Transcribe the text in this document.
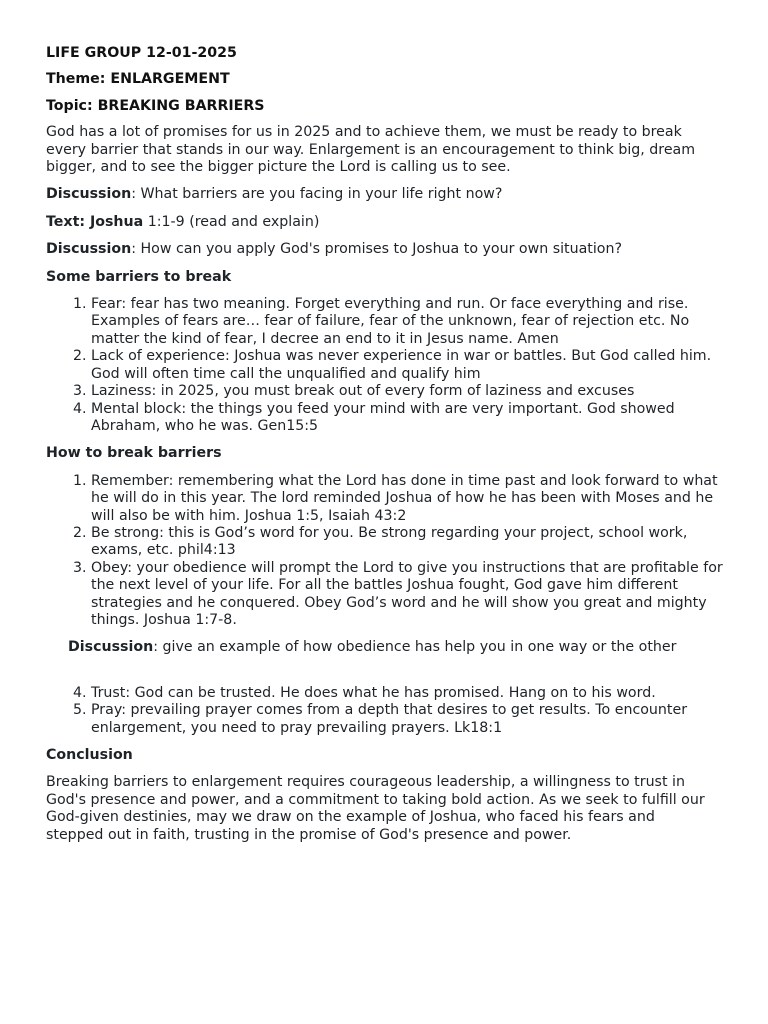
LIFE GROUP 12-01-2025

Theme: ENLARGEMENT

Topic: BREAKING BARRIERS

God has a lot of promises for us in 2025 and to achieve them, we must be ready to break every barrier that stands in our way. Enlargement is an encouragement to think big, dream bigger, and to see the bigger picture the Lord is calling us to see.

Discussion: What barriers are you facing in your life right now?

Text: Joshua 1:1-9 (read and explain)

Discussion: How can you apply God's promises to Joshua to your own situation?

Some barriers to break

1. Fear: fear has two meaning. Forget everything and run. Or face everything and rise. Examples of fears are… fear of failure, fear of the unknown, fear of rejection etc. No matter the kind of fear, I decree an end to it in Jesus name. Amen
2. Lack of experience: Joshua was never experience in war or battles. But God called him. God will often time call the unqualified and qualify him
3. Laziness: in 2025, you must break out of every form of laziness and excuses
4. Mental block: the things you feed your mind with are very important. God showed Abraham, who he was. Gen15:5

How to break barriers

1. Remember: remembering what the Lord has done in time past and look forward to what he will do in this year. The lord reminded Joshua of how he has been with Moses and he will also be with him. Joshua 1:5, Isaiah 43:2
2. Be strong: this is God’s word for you. Be strong regarding your project, school work, exams, etc. phil4:13
3. Obey: your obedience will prompt the Lord to give you instructions that are profitable for the next level of your life. For all the battles Joshua fought, God gave him different strategies and he conquered. Obey God’s word and he will show you great and mighty things. Joshua 1:7-8.

Discussion: give an example of how obedience has help you in one way or the other

4. Trust: God can be trusted. He does what he has promised. Hang on to his word.
5. Pray: prevailing prayer comes from a depth that desires to get results. To encounter enlargement, you need to pray prevailing prayers. Lk18:1

Conclusion

Breaking barriers to enlargement requires courageous leadership, a willingness to trust in God's presence and power, and a commitment to taking bold action. As we seek to fulfill our God-given destinies, may we draw on the example of Joshua, who faced his fears and stepped out in faith, trusting in the promise of God's presence and power.
